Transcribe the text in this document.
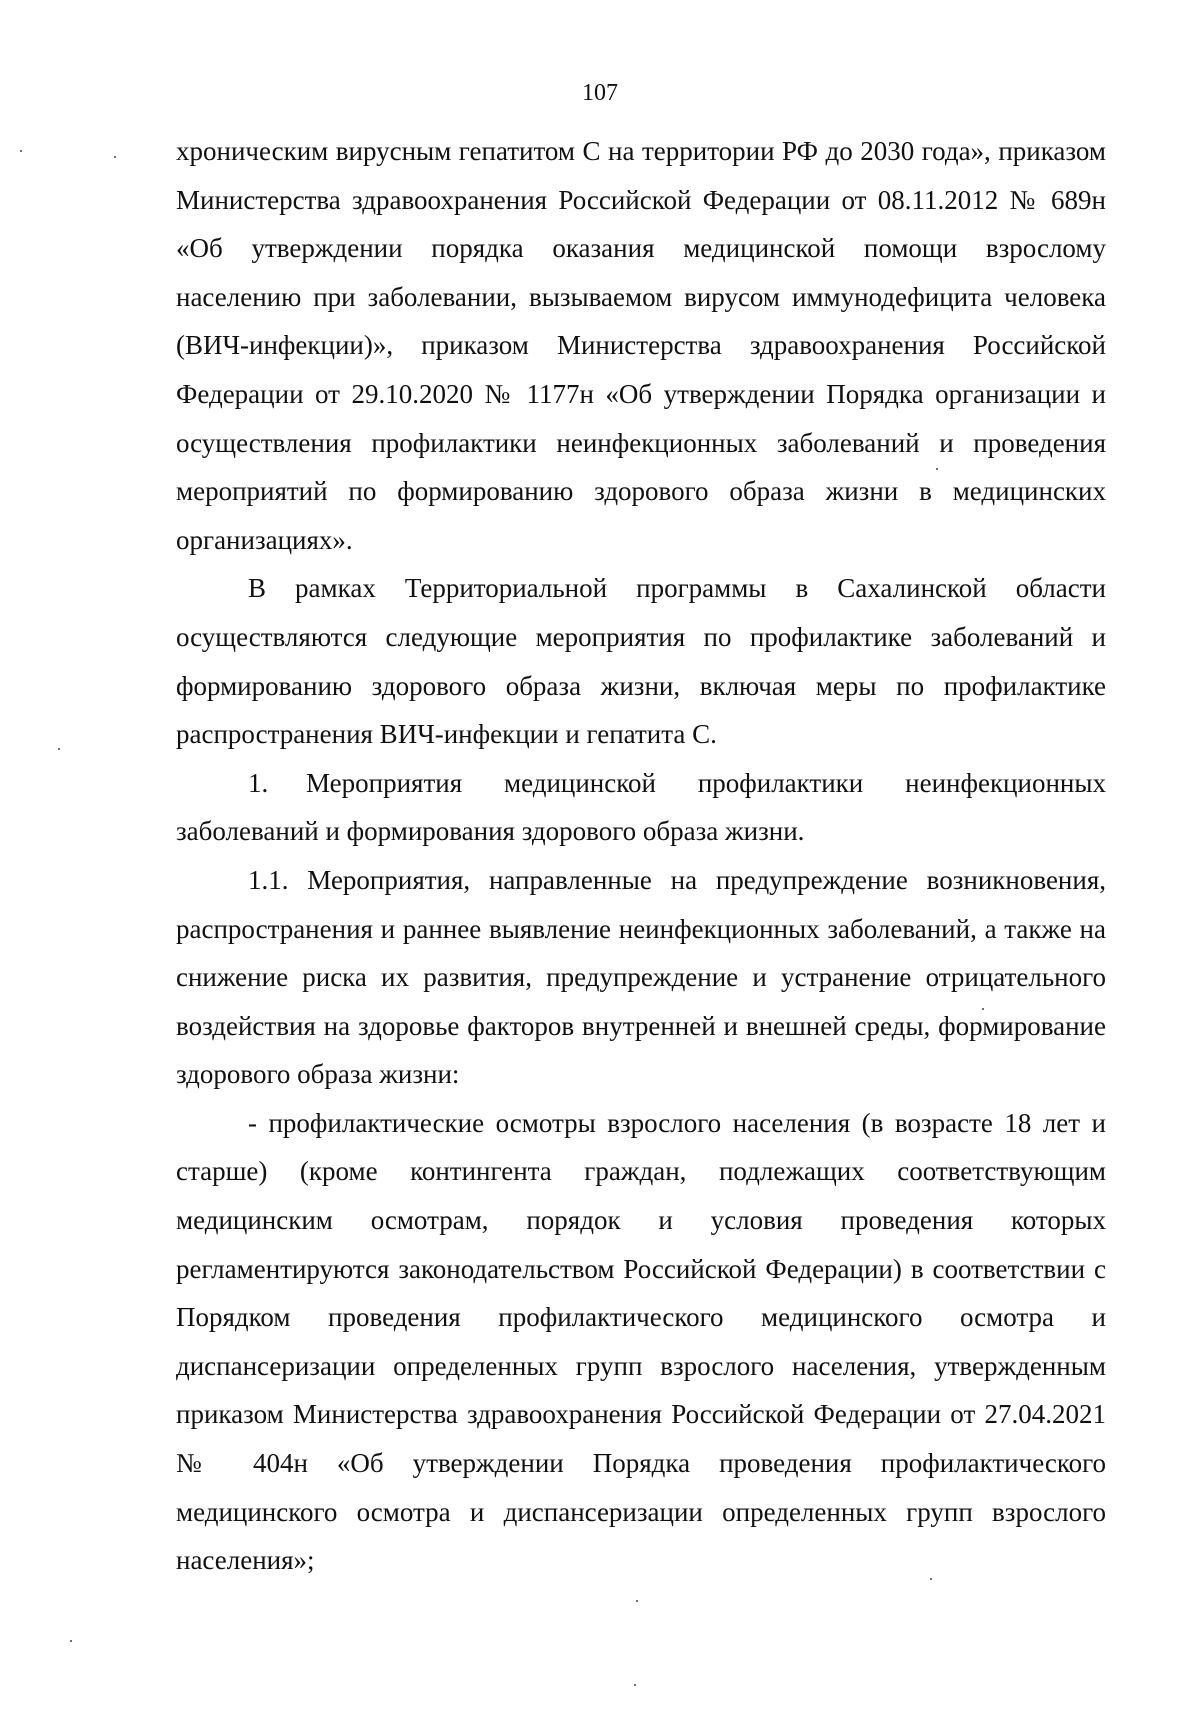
107

хроническим вирусным гепатитом С на территории РФ до 2030 года», приказом Министерства здравоохранения Российской Федерации от 08.11.2012 № 689н «Об утверждении порядка оказания медицинской помощи взрослому населению при заболевании, вызываемом вирусом иммунодефицита человека (ВИЧ-инфекции)», приказом Министерства здравоохранения Российской Федерации от 29.10.2020 № 1177н «Об утверждении Порядка организации и осуществления профилактики неинфекционных заболеваний и проведения мероприятий по формированию здорового образа жизни в медицинских организациях».

В рамках Территориальной программы в Сахалинской области осуществляются следующие мероприятия по профилактике заболеваний и формированию здорового образа жизни, включая меры по профилактике распространения ВИЧ-инфекции и гепатита С.

1. Мероприятия медицинской профилактики неинфекционных заболеваний и формирования здорового образа жизни.

1.1. Мероприятия, направленные на предупреждение возникновения, распространения и раннее выявление неинфекционных заболеваний, а также на снижение риска их развития, предупреждение и устранение отрицательного воздействия на здоровье факторов внутренней и внешней среды, формирование здорового образа жизни:

- профилактические осмотры взрослого населения (в возрасте 18 лет и старше) (кроме контингента граждан, подлежащих соответствующим медицинским осмотрам, порядок и условия проведения которых регламентируются законодательством Российской Федерации) в соответствии с Порядком проведения профилактического медицинского осмотра и диспансеризации определенных групп взрослого населения, утвержденным приказом Министерства здравоохранения Российской Федерации от 27.04.2021 № 404н «Об утверждении Порядка проведения профилактического медицинского осмотра и диспансеризации определенных групп взрослого населения»;
